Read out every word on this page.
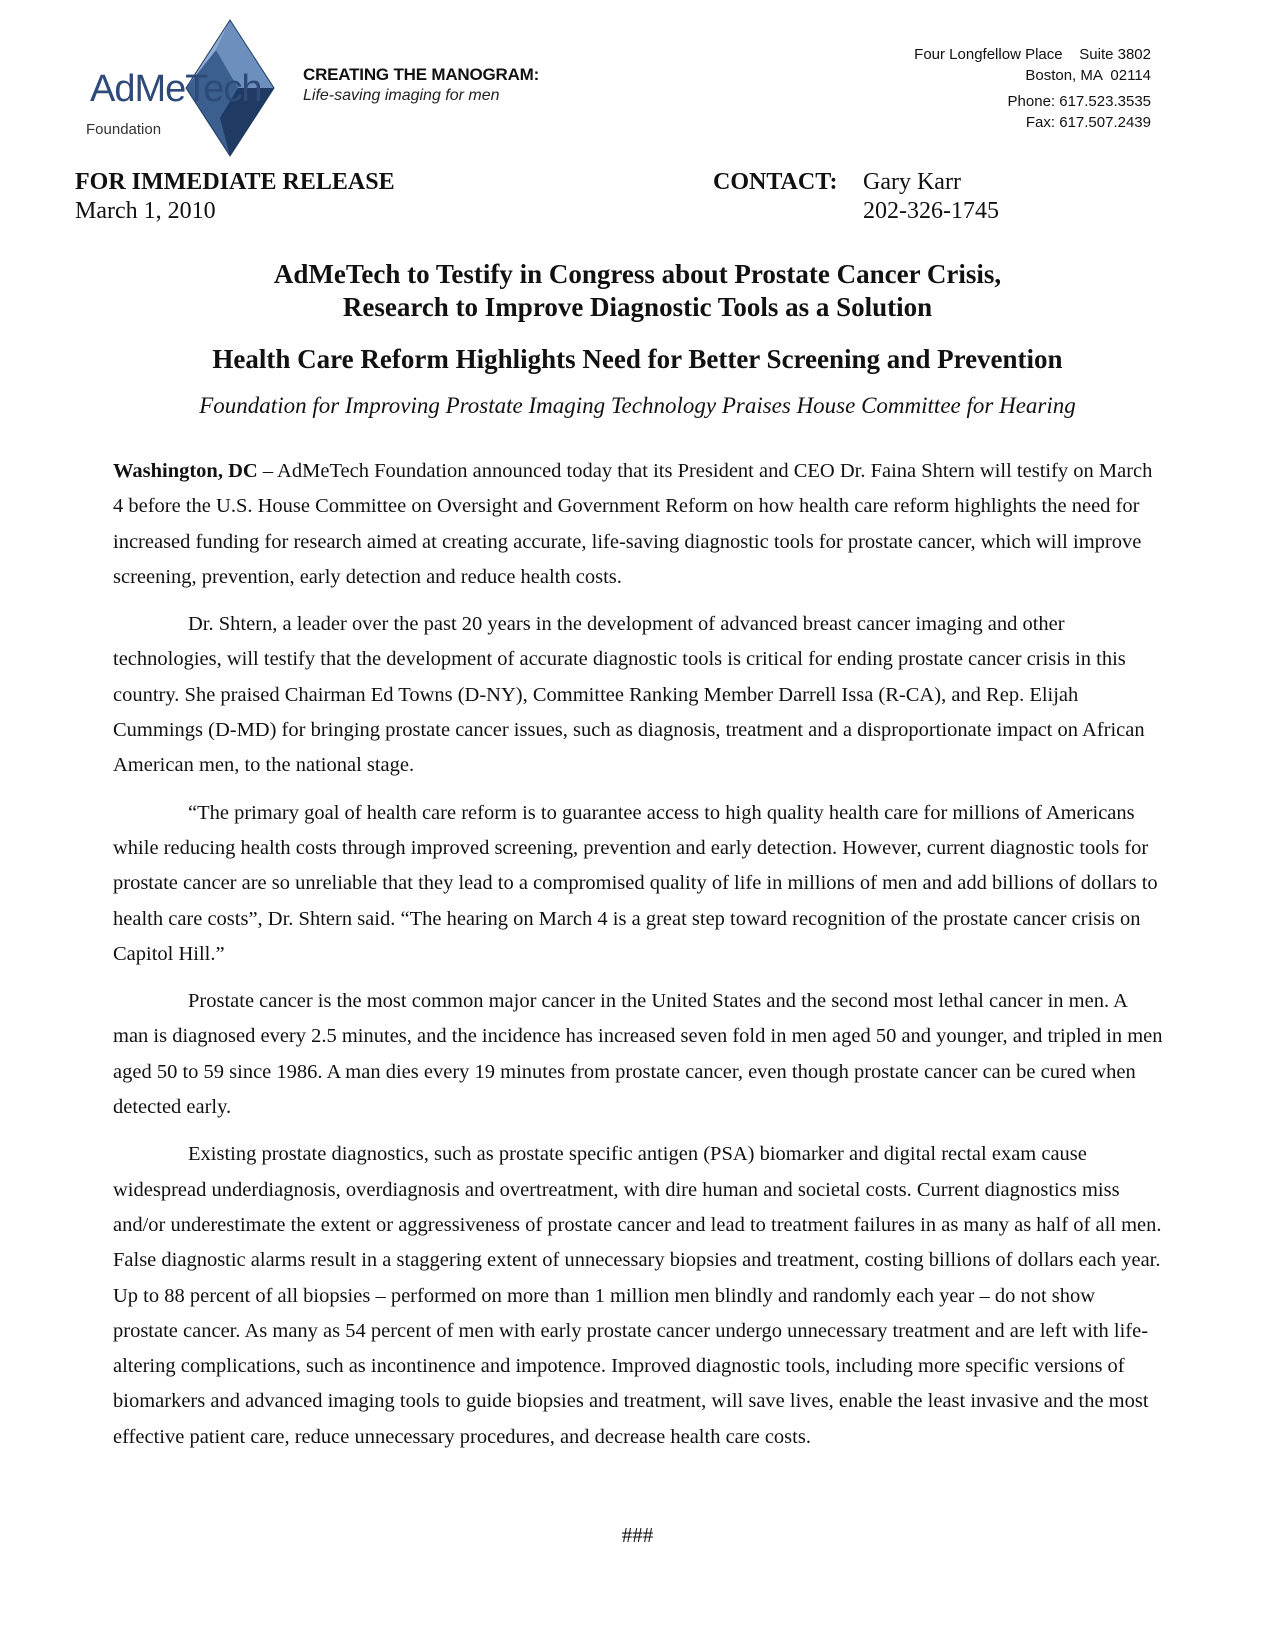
AdMeTech
Foundation
CREATING THE MANOGRAM:
Life-saving imaging for men
Four Longfellow Place    Suite 3802
Boston, MA  02114
Phone: 617.523.3535
Fax: 617.507.2439
FOR IMMEDIATE RELEASE
March 1, 2010
CONTACT: Gary Karr
202-326-1745
AdMeTech to Testify in Congress about Prostate Cancer Crisis,
Research to Improve Diagnostic Tools as a Solution
Health Care Reform Highlights Need for Better Screening and Prevention
Foundation for Improving Prostate Imaging Technology Praises House Committee for Hearing

Washington, DC – AdMeTech Foundation announced today that its President and CEO Dr. Faina Shtern will testify on March 4 before the U.S. House Committee on Oversight and Government Reform on how health care reform highlights the need for increased funding for research aimed at creating accurate, life-saving diagnostic tools for prostate cancer, which will improve screening, prevention, early detection and reduce health costs.

Dr. Shtern, a leader over the past 20 years in the development of advanced breast cancer imaging and other technologies, will testify that the development of accurate diagnostic tools is critical for ending prostate cancer crisis in this country. She praised Chairman Ed Towns (D-NY), Committee Ranking Member Darrell Issa (R-CA), and Rep. Elijah Cummings (D-MD) for bringing prostate cancer issues, such as diagnosis, treatment and a disproportionate impact on African American men, to the national stage.

“The primary goal of health care reform is to guarantee access to high quality health care for millions of Americans while reducing health costs through improved screening, prevention and early detection. However, current diagnostic tools for prostate cancer are so unreliable that they lead to a compromised quality of life in millions of men and add billions of dollars to health care costs”, Dr. Shtern said. “The hearing on March 4 is a great step toward recognition of the prostate cancer crisis on Capitol Hill.”

Prostate cancer is the most common major cancer in the United States and the second most lethal cancer in men. A man is diagnosed every 2.5 minutes, and the incidence has increased seven fold in men aged 50 and younger, and tripled in men aged 50 to 59 since 1986. A man dies every 19 minutes from prostate cancer, even though prostate cancer can be cured when detected early.

Existing prostate diagnostics, such as prostate specific antigen (PSA) biomarker and digital rectal exam cause widespread underdiagnosis, overdiagnosis and overtreatment, with dire human and societal costs. Current diagnostics miss and/or underestimate the extent or aggressiveness of prostate cancer and lead to treatment failures in as many as half of all men. False diagnostic alarms result in a staggering extent of unnecessary biopsies and treatment, costing billions of dollars each year. Up to 88 percent of all biopsies – performed on more than 1 million men blindly and randomly each year – do not show prostate cancer. As many as 54 percent of men with early prostate cancer undergo unnecessary treatment and are left with life-altering complications, such as incontinence and impotence. Improved diagnostic tools, including more specific versions of biomarkers and advanced imaging tools to guide biopsies and treatment, will save lives, enable the least invasive and the most effective patient care, reduce unnecessary procedures, and decrease health care costs.

###
